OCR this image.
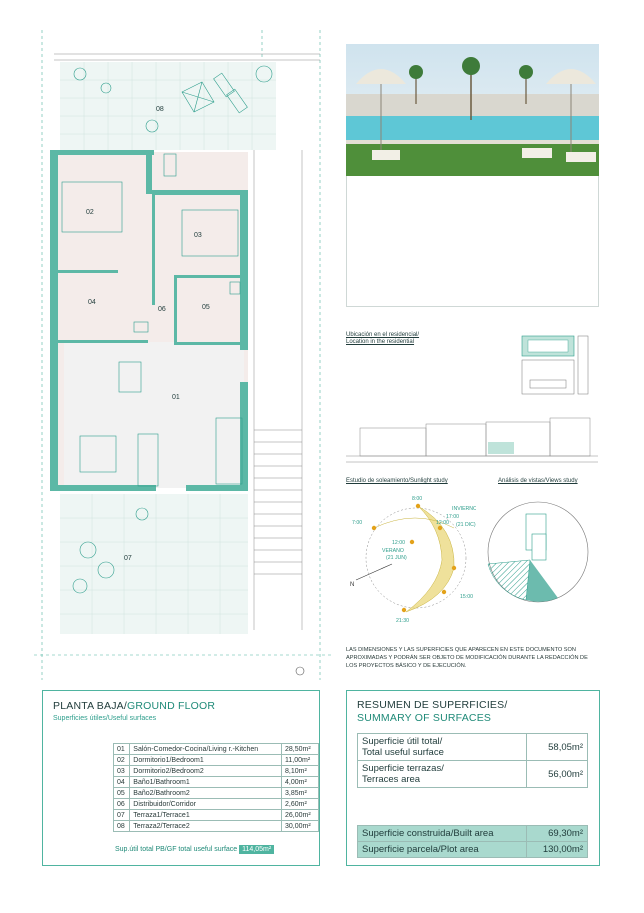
08
02
03
04
06	05
01
07
Ubicación en el residencial/
Location in the residential
Estudio de soleamiento/Sunlight study	Análisis de vistas/Views study
8:00
12:00
7:00
12:00
17:00
15:00
21:30
INVIERNO
(21 DIC)
VERANO
(21 JUN)
N
LAS DIMENSIONES Y LAS SUPERFICIES QUE APARECEN EN ESTE DOCUMENTO SON APROXIMADAS Y PODRÁN SER OBJETO DE MODIFICACIÓN DURANTE LA REDACCIÓN DE LOS PROYECTOS BÁSICO Y DE EJECUCIÓN.
PLANTA BAJA/GROUND FLOOR
Superficies útiles/Useful surfaces
01	Salón-Comedor-Cocina/Living r.-Kitchen	28,50m²
02	Dormitorio1/Bedroom1	11,00m²
03	Dormitorio2/Bedroom2	8,10m²
04	Baño1/Bathroom1	4,00m²
05	Baño2/Bathroom2	3,85m²
06	Distribuidor/Corridor	2,60m²
07	Terraza1/Terrace1	26,00m²
08	Terraza2/Terrace2	30,00m²
Sup.útil total PB/GF total useful surface 114,05m²
RESUMEN DE SUPERFICIES/
SUMMARY OF SURFACES
Superficie útil total/
Total useful surface	58,05m²

Superficie terrazas/
Terraces area	56,00m²
Superficie construida/Built area	69,30m²
Superficie parcela/Plot area	130,00m²
